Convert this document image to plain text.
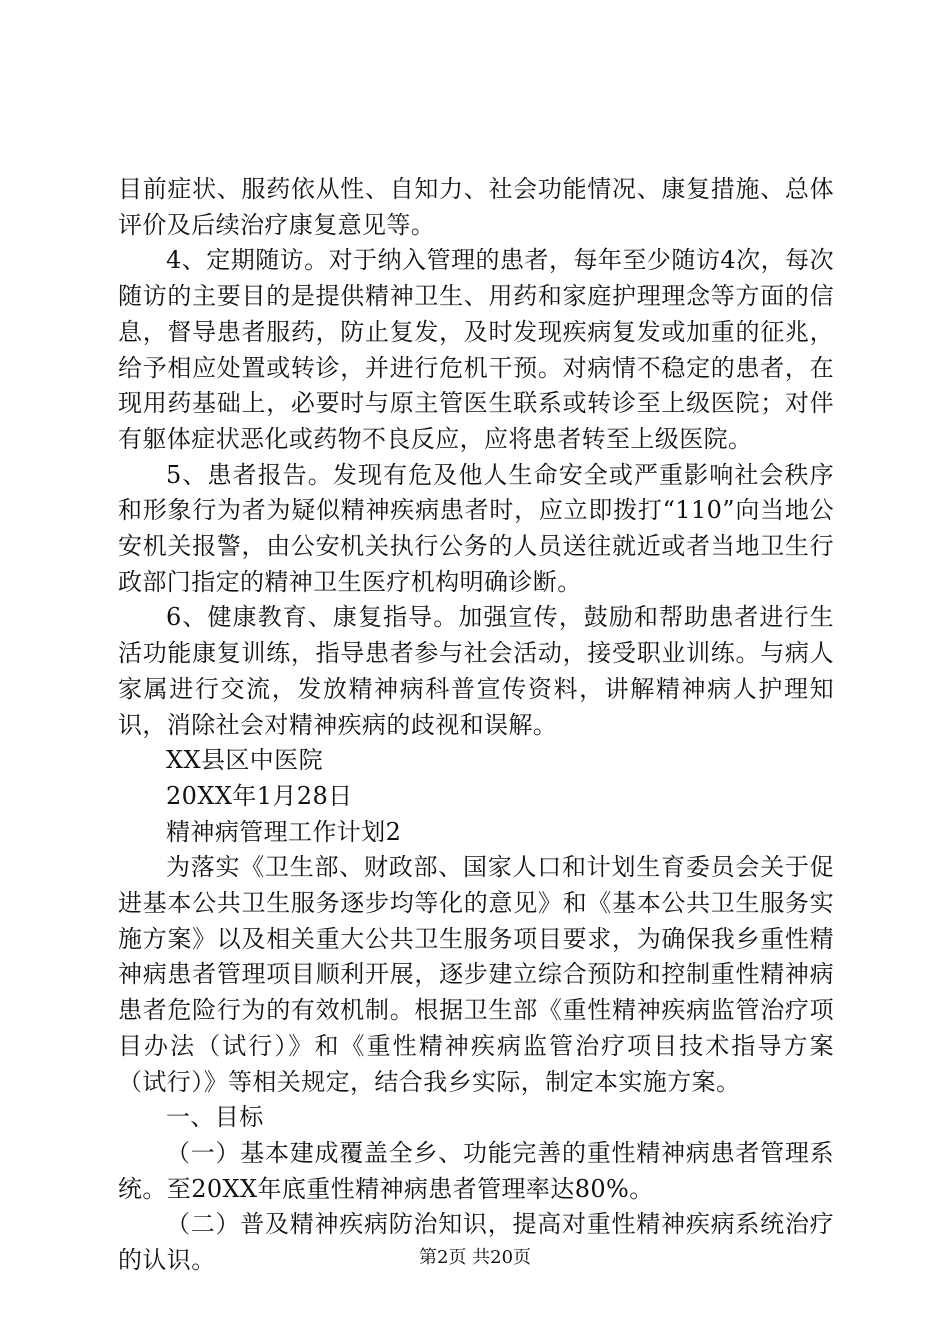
目前症状、服药依从性、自知力、社会功能情况、康复措施、总体评价及后续治疗康复意见等。

4、定期随访。对于纳入管理的患者，每年至少随访4次，每次随访的主要目的是提供精神卫生、用药和家庭护理理念等方面的信息，督导患者服药，防止复发，及时发现疾病复发或加重的征兆，给予相应处置或转诊，并进行危机干预。对病情不稳定的患者，在现用药基础上，必要时与原主管医生联系或转诊至上级医院；对伴有躯体症状恶化或药物不良反应，应将患者转至上级医院。

5、患者报告。发现有危及他人生命安全或严重影响社会秩序和形象行为者为疑似精神疾病患者时，应立即拨打“110”向当地公安机关报警，由公安机关执行公务的人员送往就近或者当地卫生行政部门指定的精神卫生医疗机构明确诊断。

6、健康教育、康复指导。加强宣传，鼓励和帮助患者进行生活功能康复训练，指导患者参与社会活动，接受职业训练。与病人家属进行交流，发放精神病科普宣传资料，讲解精神病人护理知识，消除社会对精神疾病的歧视和误解。

XX县区中医院

20XX年1月28日

精神病管理工作计划2

为落实《卫生部、财政部、国家人口和计划生育委员会关于促进基本公共卫生服务逐步均等化的意见》和《基本公共卫生服务实施方案》以及相关重大公共卫生服务项目要求，为确保我乡重性精神病患者管理项目顺利开展，逐步建立综合预防和控制重性精神病患者危险行为的有效机制。根据卫生部《重性精神疾病监管治疗项目办法（试行）》和《重性精神疾病监管治疗项目技术指导方案（试行）》等相关规定，结合我乡实际，制定本实施方案。

一、目标

（一）基本建成覆盖全乡、功能完善的重性精神病患者管理系统。至20XX年底重性精神病患者管理率达80%。

（二）普及精神疾病防治知识，提高对重性精神疾病系统治疗的认识。	第2页 共20页
